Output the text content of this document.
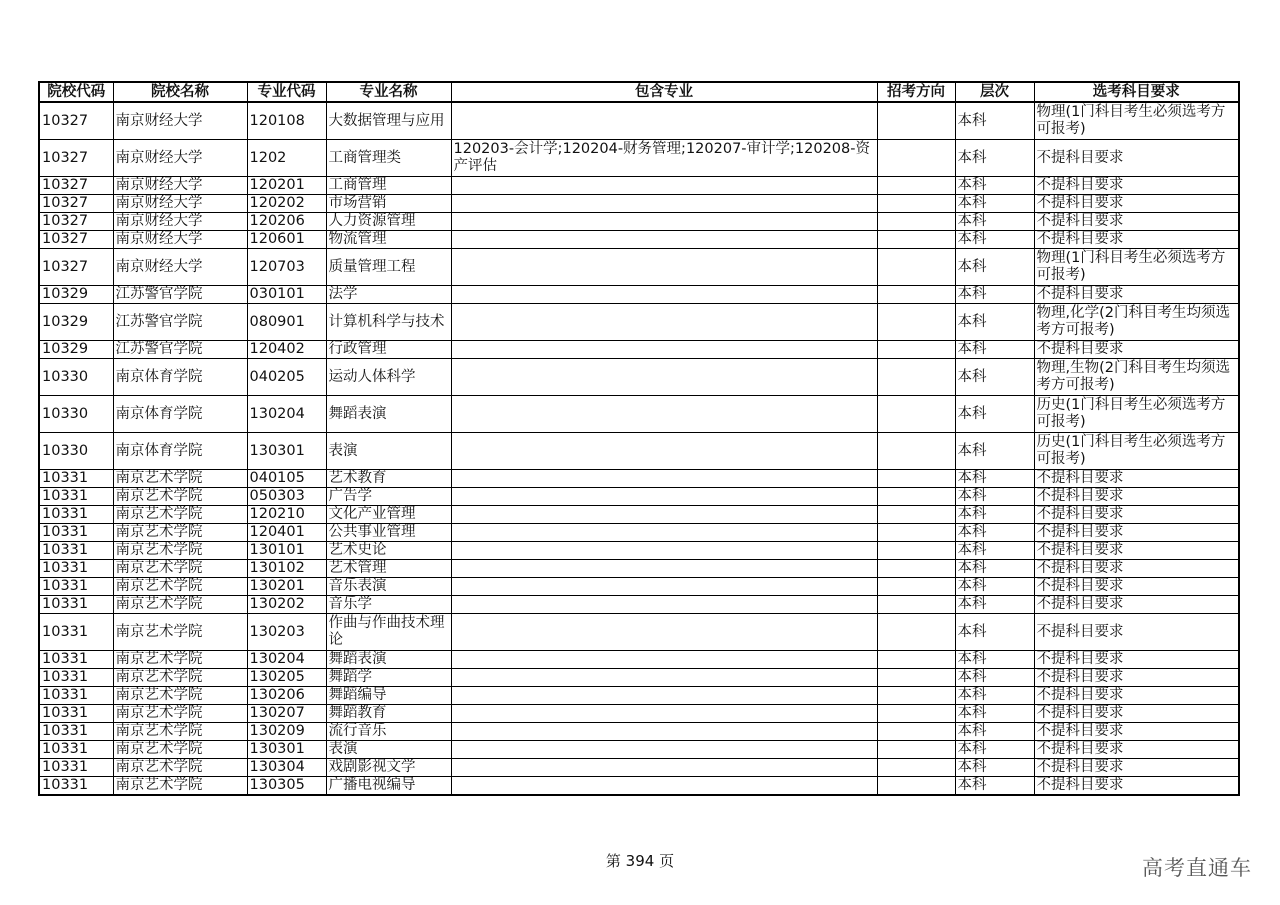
院校代码	院校名称	专业代码	专业名称	包含专业	招考方向	层次	选考科目要求
10327	南京财经大学	120108	大数据管理与应用			本科	物理(1门科目考生必须选考方可报考)
10327	南京财经大学	1202	工商管理类	120203-会计学;120204-财务管理;120207-审计学;120208-资产评估		本科	不提科目要求
10327	南京财经大学	120201	工商管理			本科	不提科目要求
10327	南京财经大学	120202	市场营销			本科	不提科目要求
10327	南京财经大学	120206	人力资源管理			本科	不提科目要求
10327	南京财经大学	120601	物流管理			本科	不提科目要求
10327	南京财经大学	120703	质量管理工程			本科	物理(1门科目考生必须选考方可报考)
10329	江苏警官学院	030101	法学			本科	不提科目要求
10329	江苏警官学院	080901	计算机科学与技术			本科	物理,化学(2门科目考生均须选考方可报考)
10329	江苏警官学院	120402	行政管理			本科	不提科目要求
10330	南京体育学院	040205	运动人体科学			本科	物理,生物(2门科目考生均须选考方可报考)
10330	南京体育学院	130204	舞蹈表演			本科	历史(1门科目考生必须选考方可报考)
10330	南京体育学院	130301	表演			本科	历史(1门科目考生必须选考方可报考)
10331	南京艺术学院	040105	艺术教育			本科	不提科目要求
10331	南京艺术学院	050303	广告学			本科	不提科目要求
10331	南京艺术学院	120210	文化产业管理			本科	不提科目要求
10331	南京艺术学院	120401	公共事业管理			本科	不提科目要求
10331	南京艺术学院	130101	艺术史论			本科	不提科目要求
10331	南京艺术学院	130102	艺术管理			本科	不提科目要求
10331	南京艺术学院	130201	音乐表演			本科	不提科目要求
10331	南京艺术学院	130202	音乐学			本科	不提科目要求
10331	南京艺术学院	130203	作曲与作曲技术理论			本科	不提科目要求
10331	南京艺术学院	130204	舞蹈表演			本科	不提科目要求
10331	南京艺术学院	130205	舞蹈学			本科	不提科目要求
10331	南京艺术学院	130206	舞蹈编导			本科	不提科目要求
10331	南京艺术学院	130207	舞蹈教育			本科	不提科目要求
10331	南京艺术学院	130209	流行音乐			本科	不提科目要求
10331	南京艺术学院	130301	表演			本科	不提科目要求
10331	南京艺术学院	130304	戏剧影视文学			本科	不提科目要求
10331	南京艺术学院	130305	广播电视编导			本科	不提科目要求
第 394 页	高考直通车
